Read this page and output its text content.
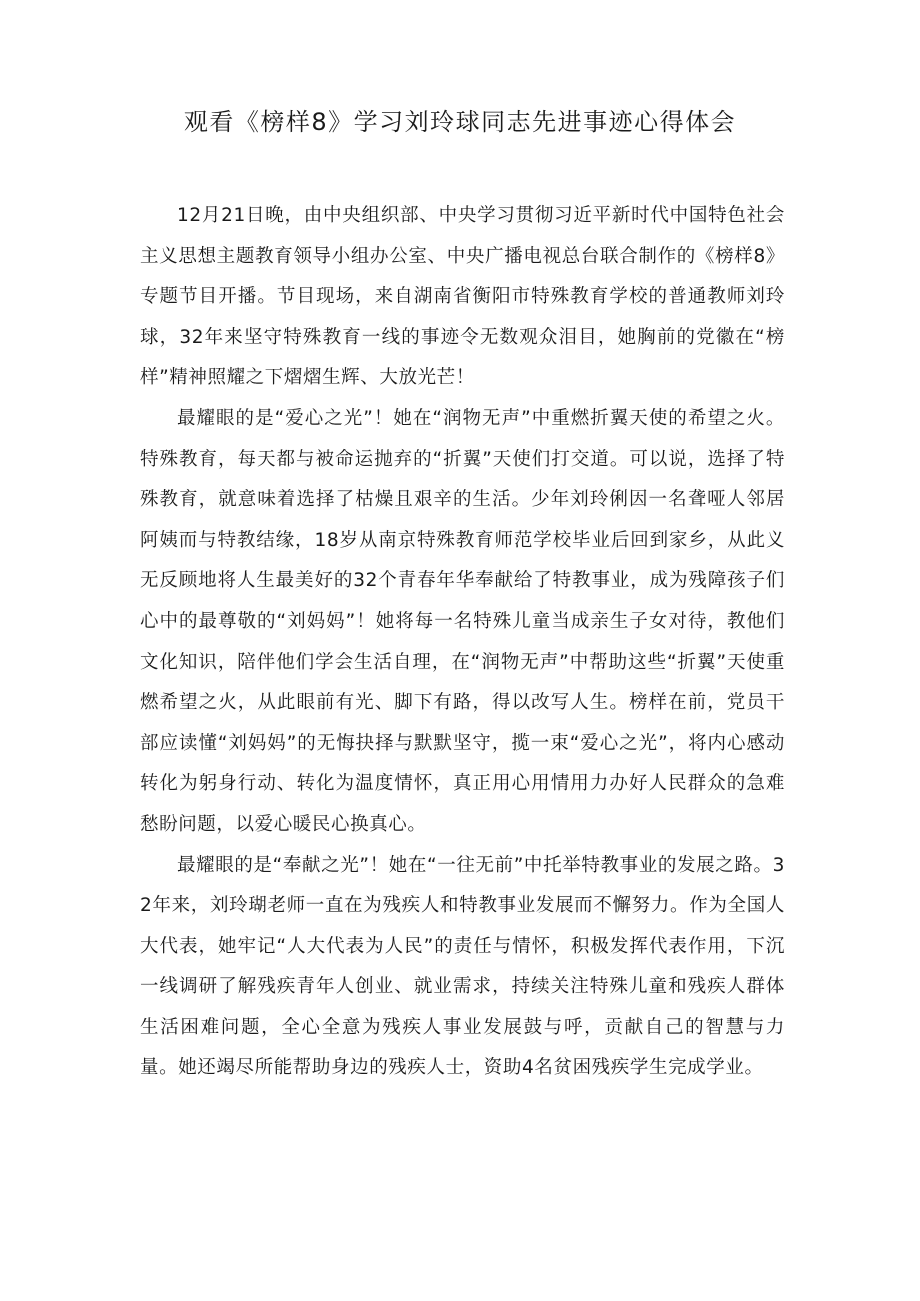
观看《榜样8》学习刘玲球同志先进事迹心得体会

12月21日晚，由中央组织部、中央学习贯彻习近平新时代中国特色社会主义思想主题教育领导小组办公室、中央广播电视总台联合制作的《榜样8》专题节目开播。节目现场，来自湖南省衡阳市特殊教育学校的普通教师刘玲球，32年来坚守特殊教育一线的事迹令无数观众泪目，她胸前的党徽在“榜样”精神照耀之下熠熠生辉、大放光芒！

最耀眼的是“爱心之光”！她在“润物无声”中重燃折翼天使的希望之火。特殊教育，每天都与被命运抛弃的“折翼”天使们打交道。可以说，选择了特殊教育，就意味着选择了枯燥且艰辛的生活。少年刘玲俐因一名聋哑人邻居阿姨而与特教结缘，18岁从南京特殊教育师范学校毕业后回到家乡，从此义无反顾地将人生最美好的32个青春年华奉献给了特教事业，成为残障孩子们心中的最尊敬的“刘妈妈”！她将每一名特殊儿童当成亲生子女对待，教他们文化知识，陪伴他们学会生活自理，在“润物无声”中帮助这些“折翼”天使重燃希望之火，从此眼前有光、脚下有路，得以改写人生。榜样在前，党员干部应读懂“刘妈妈”的无悔抉择与默默坚守，揽一束“爱心之光”，将内心感动转化为躬身行动、转化为温度情怀，真正用心用情用力办好人民群众的急难愁盼问题，以爱心暖民心换真心。

最耀眼的是“奉献之光”！她在“一往无前”中托举特教事业的发展之路。32年来，刘玲瑚老师一直在为残疾人和特教事业发展而不懈努力。作为全国人大代表，她牢记“人大代表为人民”的责任与情怀，积极发挥代表作用，下沉一线调研了解残疾青年人创业、就业需求，持续关注特殊儿童和残疾人群体生活困难问题，全心全意为残疾人事业发展鼓与呼，贡献自己的智慧与力量。她还竭尽所能帮助身边的残疾人士，资助4名贫困残疾学生完成学业。
